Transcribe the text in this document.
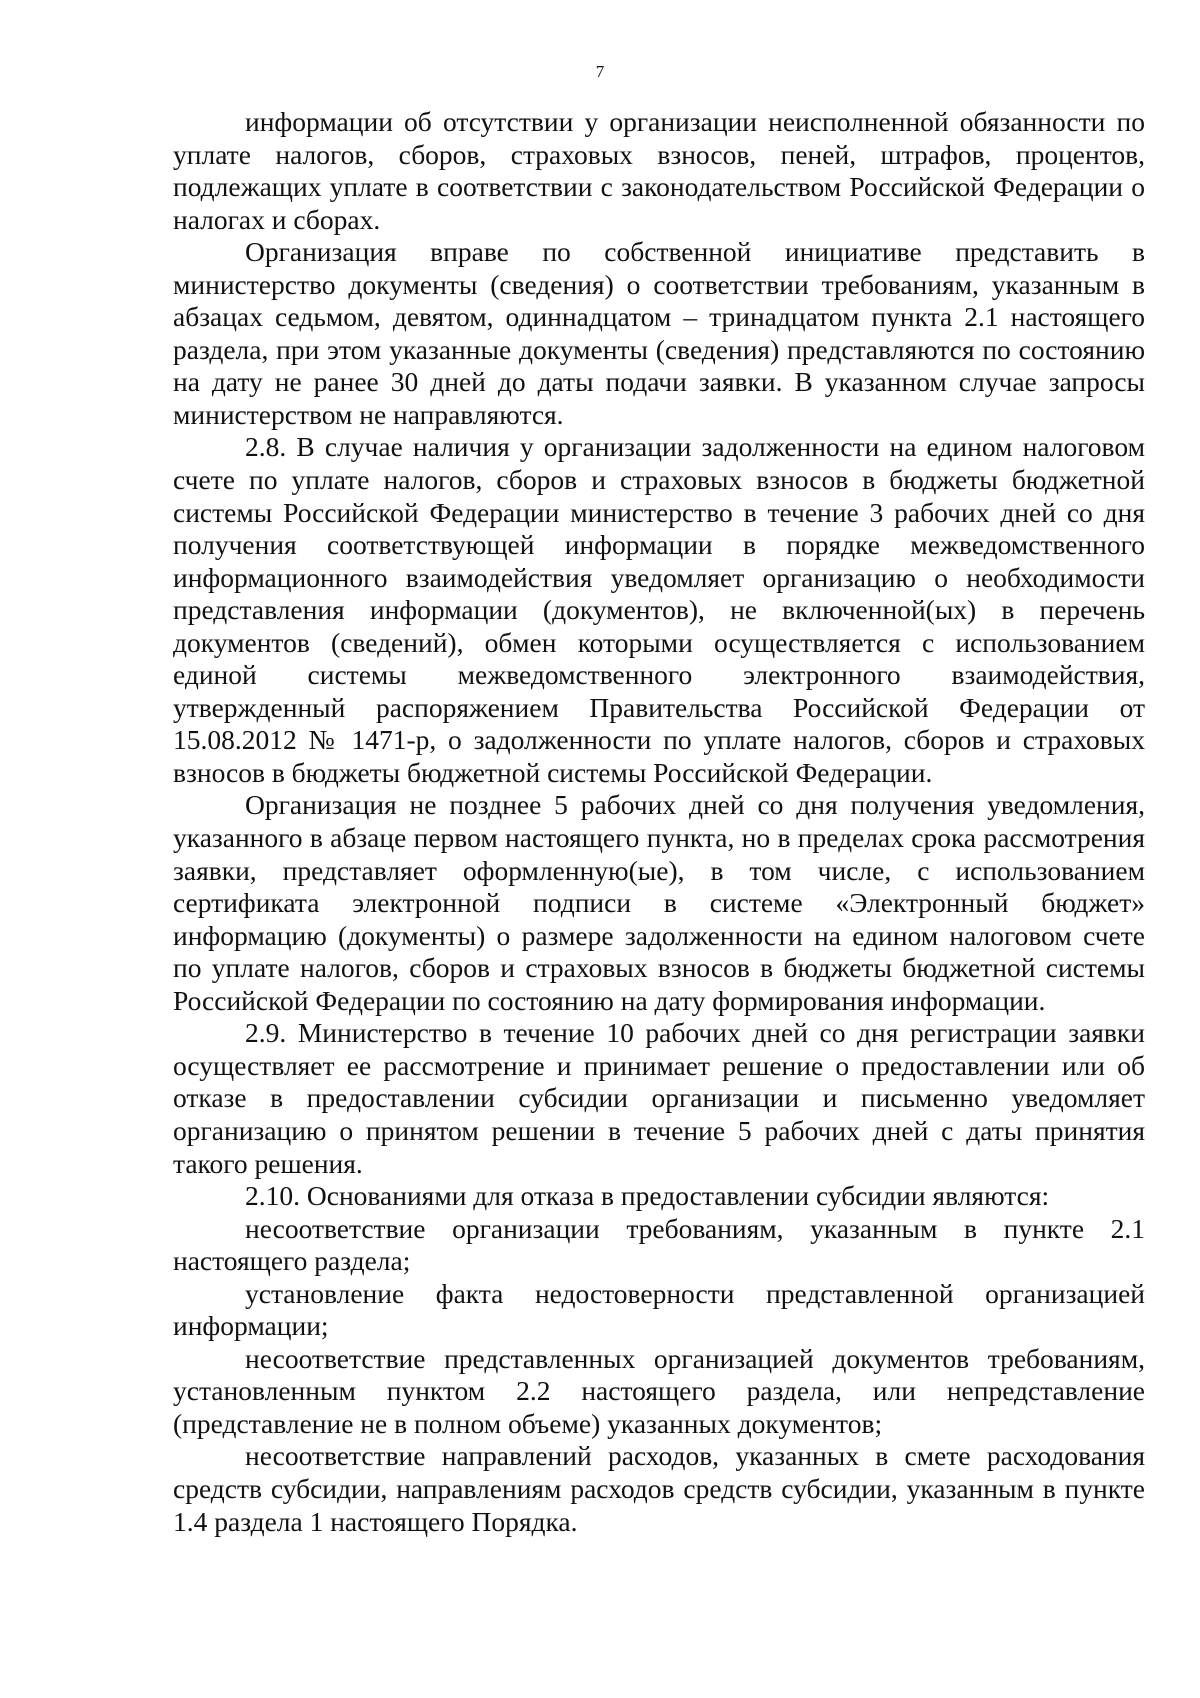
7

информации об отсутствии у организации неисполненной обязанности по уплате налогов, сборов, страховых взносов, пеней, штрафов, процентов, подлежащих уплате в соответствии с законодательством Российской Федерации о налогах и сборах.

Организация вправе по собственной инициативе представить в министерство документы (сведения) о соответствии требованиям, указанным в абзацах седьмом, девятом, одиннадцатом – тринадцатом пункта 2.1 настоящего раздела, при этом указанные документы (сведения) представляются по состоянию на дату не ранее 30 дней до даты подачи заявки. В указанном случае запросы министерством не направляются.

2.8. В случае наличия у организации задолженности на едином налоговом счете по уплате налогов, сборов и страховых взносов в бюджеты бюджетной системы Российской Федерации министерство в течение 3 рабочих дней со дня получения соответствующей информации в порядке межведомственного информационного взаимодействия уведомляет организацию о необходимости представления информации (документов), не включенной(ых) в перечень документов (сведений), обмен которыми осуществляется с использованием единой системы межведомственного электронного взаимодействия, утвержденный распоряжением Правительства Российской Федерации от 15.08.2012 № 1471-р, о задолженности по уплате налогов, сборов и страховых взносов в бюджеты бюджетной системы Российской Федерации.

Организация не позднее 5 рабочих дней со дня получения уведомления, указанного в абзаце первом настоящего пункта, но в пределах срока рассмотрения заявки, представляет оформленную(ые), в том числе, с использованием сертификата электронной подписи в системе «Электронный бюджет» информацию (документы) о размере задолженности на едином налоговом счете по уплате налогов, сборов и страховых взносов в бюджеты бюджетной системы Российской Федерации по состоянию на дату формирования информации.

2.9. Министерство в течение 10 рабочих дней со дня регистрации заявки осуществляет ее рассмотрение и принимает решение о предоставлении или об отказе в предоставлении субсидии организации и письменно уведомляет организацию о принятом решении в течение 5 рабочих дней с даты принятия такого решения.

2.10. Основаниями для отказа в предоставлении субсидии являются:

несоответствие организации требованиям, указанным в пункте 2.1 настоящего раздела;

установление факта недостоверности представленной организацией информации;

несоответствие представленных организацией документов требованиям, установленным пунктом 2.2 настоящего раздела, или непредставление (представление не в полном объеме) указанных документов;

несоответствие направлений расходов, указанных в смете расходования средств субсидии, направлениям расходов средств субсидии, указанным в пункте 1.4 раздела 1 настоящего Порядка.
